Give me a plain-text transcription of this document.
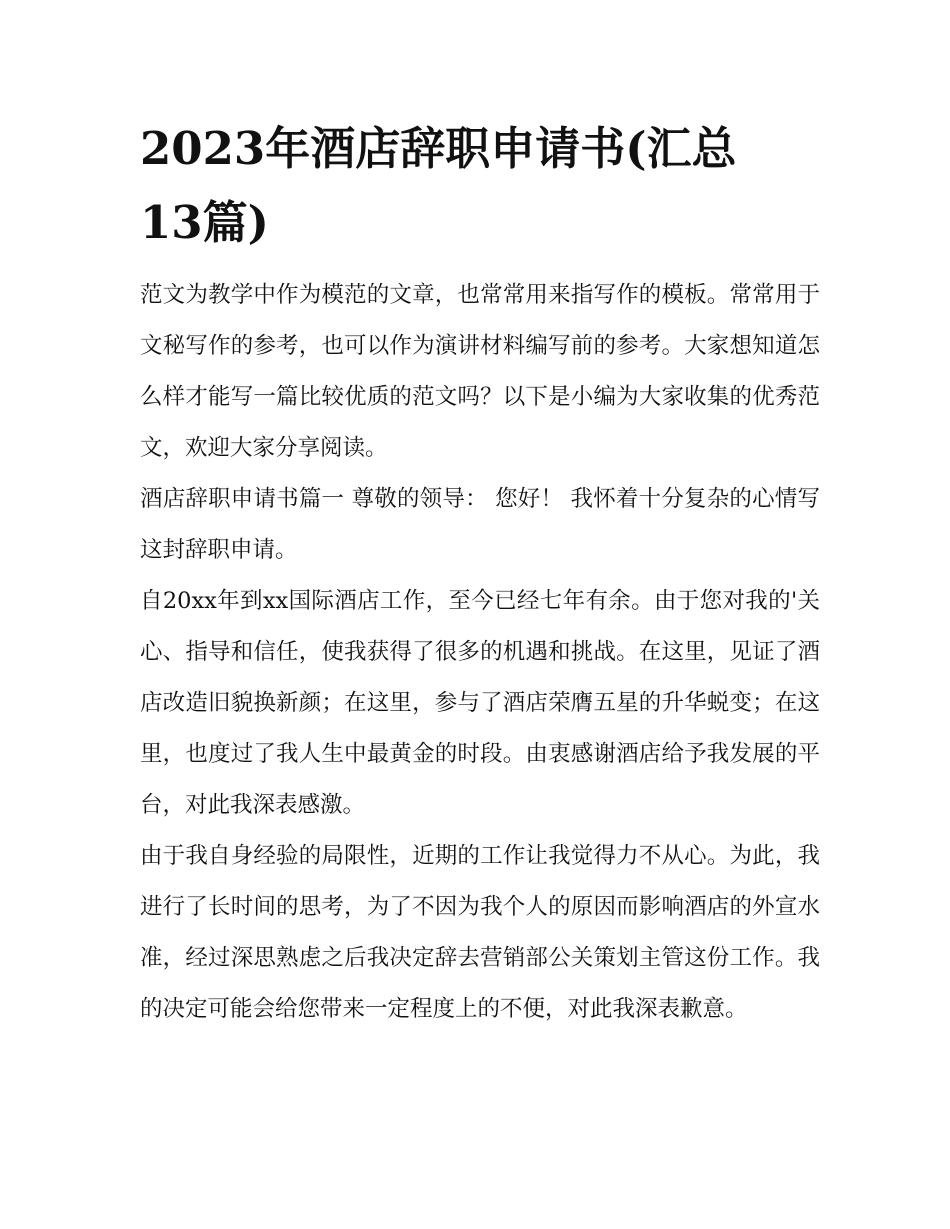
2023年酒店辞职申请书(汇总13篇)

范文为教学中作为模范的文章，也常常用来指写作的模板。常常用于文秘写作的参考，也可以作为演讲材料编写前的参考。大家想知道怎么样才能写一篇比较优质的范文吗？以下是小编为大家收集的优秀范文，欢迎大家分享阅读。

酒店辞职申请书篇一 尊敬的领导： 您好！ 我怀着十分复杂的心情写这封辞职申请。

自20xx年到xx国际酒店工作，至今已经七年有余。由于您对我的'关心、指导和信任，使我获得了很多的机遇和挑战。在这里，见证了酒店改造旧貌换新颜；在这里，参与了酒店荣膺五星的升华蜕变；在这里，也度过了我人生中最黄金的时段。由衷感谢酒店给予我发展的平台，对此我深表感激。

由于我自身经验的局限性，近期的工作让我觉得力不从心。为此，我进行了长时间的思考，为了不因为我个人的原因而影响酒店的外宣水准，经过深思熟虑之后我决定辞去营销部公关策划主管这份工作。我的决定可能会给您带来一定程度上的不便，对此我深表歉意。
